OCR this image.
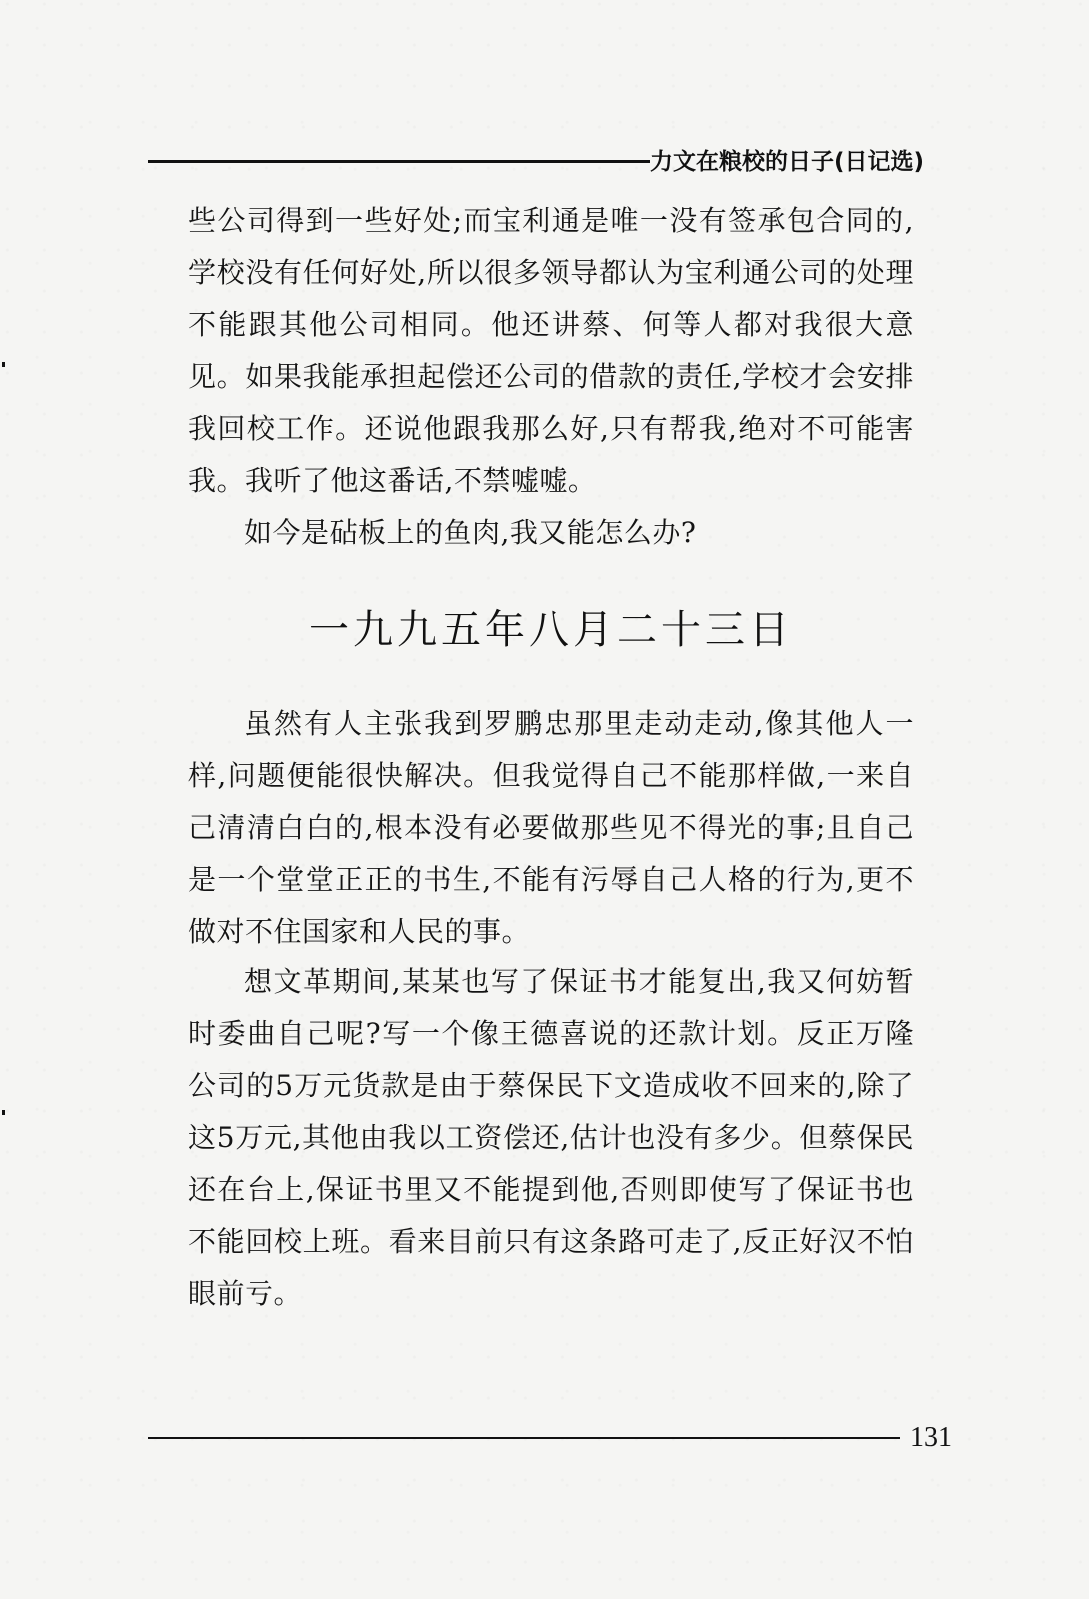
力文在粮校的日子(日记选)

些公司得到一些好处;而宝利通是唯一没有签承包合同的,学校没有任何好处,所以很多领导都认为宝利通公司的处理不能跟其他公司相同。他还讲蔡、何等人都对我很大意见。如果我能承担起偿还公司的借款的责任,学校才会安排我回校工作。还说他跟我那么好,只有帮我,绝对不可能害我。我听了他这番话,不禁嘘嘘。

如今是砧板上的鱼肉,我又能怎么办?

一九九五年八月二十三日

虽然有人主张我到罗鹏忠那里走动走动,像其他人一样,问题便能很快解决。但我觉得自己不能那样做,一来自己清清白白的,根本没有必要做那些见不得光的事;且自己是一个堂堂正正的书生,不能有污辱自己人格的行为,更不做对不住国家和人民的事。

想文革期间,某某也写了保证书才能复出,我又何妨暂时委曲自己呢?写一个像王德喜说的还款计划。反正万隆公司的5万元货款是由于蔡保民下文造成收不回来的,除了这5万元,其他由我以工资偿还,估计也没有多少。但蔡保民还在台上,保证书里又不能提到他,否则即使写了保证书也不能回校上班。看来目前只有这条路可走了,反正好汉不怕眼前亏。

131
